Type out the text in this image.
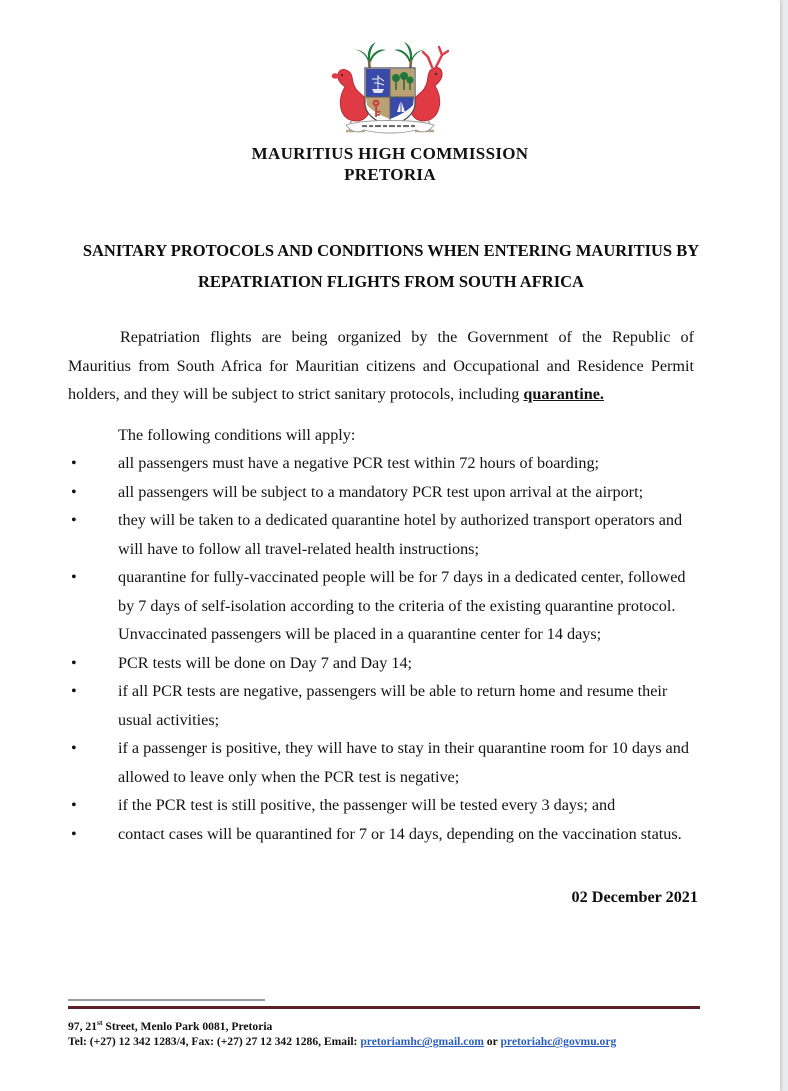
MAURITIUS HIGH COMMISSION
PRETORIA
SANITARY PROTOCOLS AND CONDITIONS WHEN ENTERING MAURITIUS BY REPATRIATION FLIGHTS FROM SOUTH AFRICA

Repatriation flights are being organized by the Government of the Republic of Mauritius from South Africa for Mauritian citizens and Occupational and Residence Permit holders, and they will be subject to strict sanitary protocols, including quarantine.

The following conditions will apply:
•	all passengers must have a negative PCR test within 72 hours of boarding;
•	all passengers will be subject to a mandatory PCR test upon arrival at the airport;
•	they will be taken to a dedicated quarantine hotel by authorized transport operators and will have to follow all travel-related health instructions;
•	quarantine for fully-vaccinated people will be for 7 days in a dedicated center, followed by 7 days of self-isolation according to the criteria of the existing quarantine protocol. Unvaccinated passengers will be placed in a quarantine center for 14 days;
•	PCR tests will be done on Day 7 and Day 14;
•	if all PCR tests are negative, passengers will be able to return home and resume their usual activities;
•	if a passenger is positive, they will have to stay in their quarantine room for 10 days and allowed to leave only when the PCR test is negative;
•	if the PCR test is still positive, the passenger will be tested every 3 days; and
•	contact cases will be quarantined for 7 or 14 days, depending on the vaccination status.
02 December 2021
97, 21st Street, Menlo Park 0081, Pretoria
Tel: (+27) 12 342 1283/4, Fax: (+27) 27 12 342 1286, Email: pretoriamhc@gmail.com or pretoriahc@govmu.org
